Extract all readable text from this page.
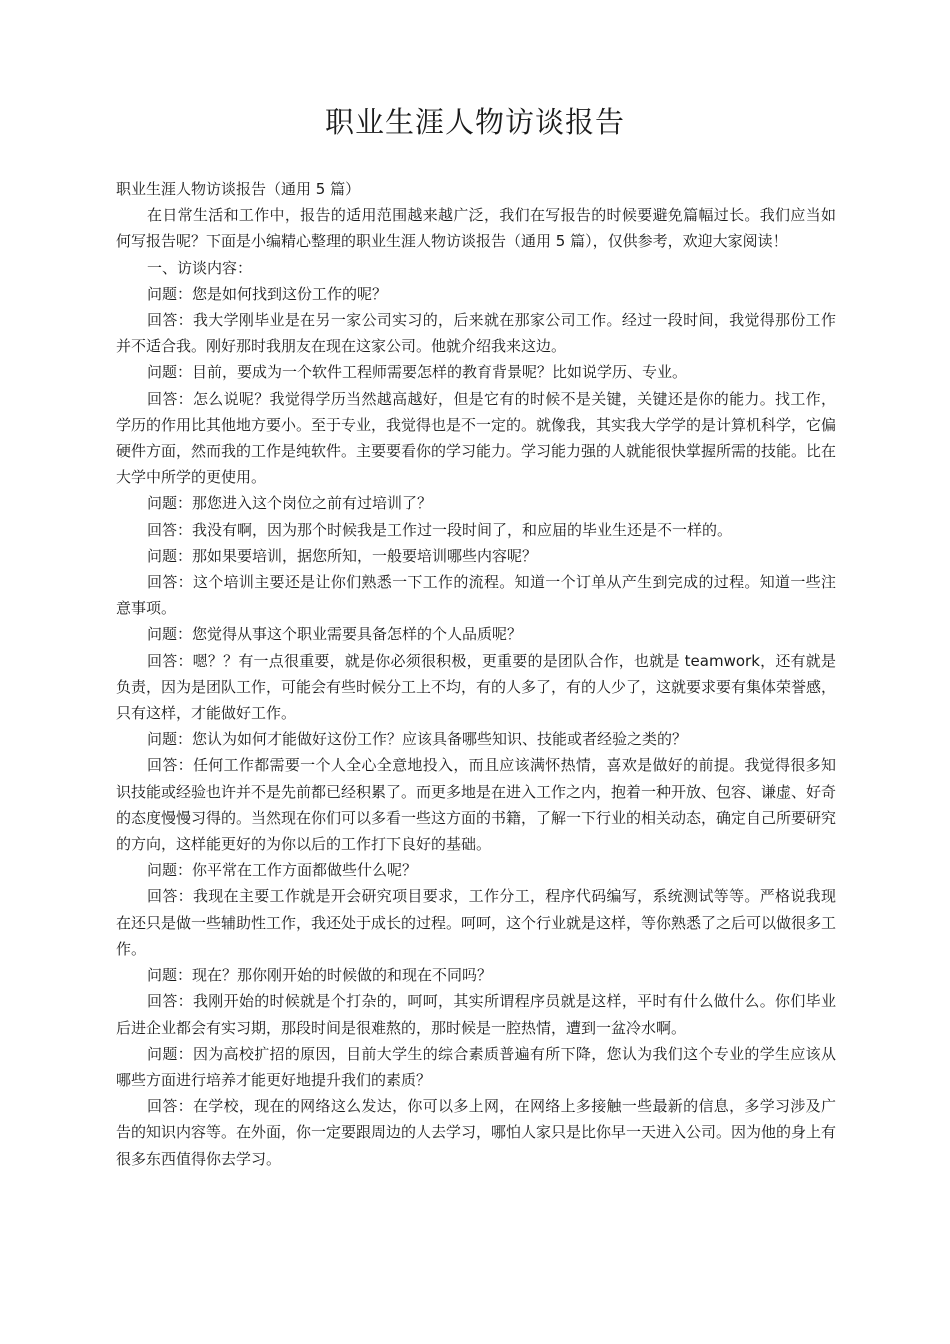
职业生涯人物访谈报告

职业生涯人物访谈报告（通用 5 篇）

在日常生活和工作中，报告的适用范围越来越广泛，我们在写报告的时候要避免篇幅过长。我们应当如何写报告呢？下面是小编精心整理的职业生涯人物访谈报告（通用 5 篇），仅供参考，欢迎大家阅读！

一、访谈内容：

问题：您是如何找到这份工作的呢？

回答：我大学刚毕业是在另一家公司实习的，后来就在那家公司工作。经过一段时间，我觉得那份工作并不适合我。刚好那时我朋友在现在这家公司。他就介绍我来这边。

问题：目前，要成为一个软件工程师需要怎样的教育背景呢？比如说学历、专业。

回答：怎么说呢？我觉得学历当然越高越好，但是它有的时候不是关键，关键还是你的能力。找工作，学历的作用比其他地方要小。至于专业，我觉得也是不一定的。就像我，其实我大学学的是计算机科学，它偏硬件方面，然而我的工作是纯软件。主要要看你的学习能力。学习能力强的人就能很快掌握所需的技能。比在大学中所学的更使用。

问题：那您进入这个岗位之前有过培训了？

回答：我没有啊，因为那个时候我是工作过一段时间了，和应届的毕业生还是不一样的。

问题：那如果要培训，据您所知，一般要培训哪些内容呢？

回答：这个培训主要还是让你们熟悉一下工作的流程。知道一个订单从产生到完成的过程。知道一些注意事项。

问题：您觉得从事这个职业需要具备怎样的个人品质呢？

回答：嗯？？有一点很重要，就是你必须很积极，更重要的是团队合作，也就是 teamwork，还有就是负责，因为是团队工作，可能会有些时候分工上不均，有的人多了，有的人少了，这就要求要有集体荣誉感，只有这样，才能做好工作。

问题：您认为如何才能做好这份工作？应该具备哪些知识、技能或者经验之类的？

回答：任何工作都需要一个人全心全意地投入，而且应该满怀热情，喜欢是做好的前提。我觉得很多知识技能或经验也许并不是先前都已经积累了。而更多地是在进入工作之内，抱着一种开放、包容、谦虚、好奇的态度慢慢习得的。当然现在你们可以多看一些这方面的书籍，了解一下行业的相关动态，确定自己所要研究的方向，这样能更好的为你以后的工作打下良好的基础。

问题：你平常在工作方面都做些什么呢？

回答：我现在主要工作就是开会研究项目要求，工作分工，程序代码编写，系统测试等等。严格说我现在还只是做一些辅助性工作，我还处于成长的过程。呵呵，这个行业就是这样，等你熟悉了之后可以做很多工作。

问题：现在？那你刚开始的时候做的和现在不同吗？

回答：我刚开始的时候就是个打杂的，呵呵，其实所谓程序员就是这样，平时有什么做什么。你们毕业后进企业都会有实习期，那段时间是很难熬的，那时候是一腔热情，遭到一盆冷水啊。

问题：因为高校扩招的原因，目前大学生的综合素质普遍有所下降，您认为我们这个专业的学生应该从哪些方面进行培养才能更好地提升我们的素质？

回答：在学校，现在的网络这么发达，你可以多上网，在网络上多接触一些最新的信息，多学习涉及广告的知识内容等。在外面，你一定要跟周边的人去学习，哪怕人家只是比你早一天进入公司。因为他的身上有很多东西值得你去学习。
